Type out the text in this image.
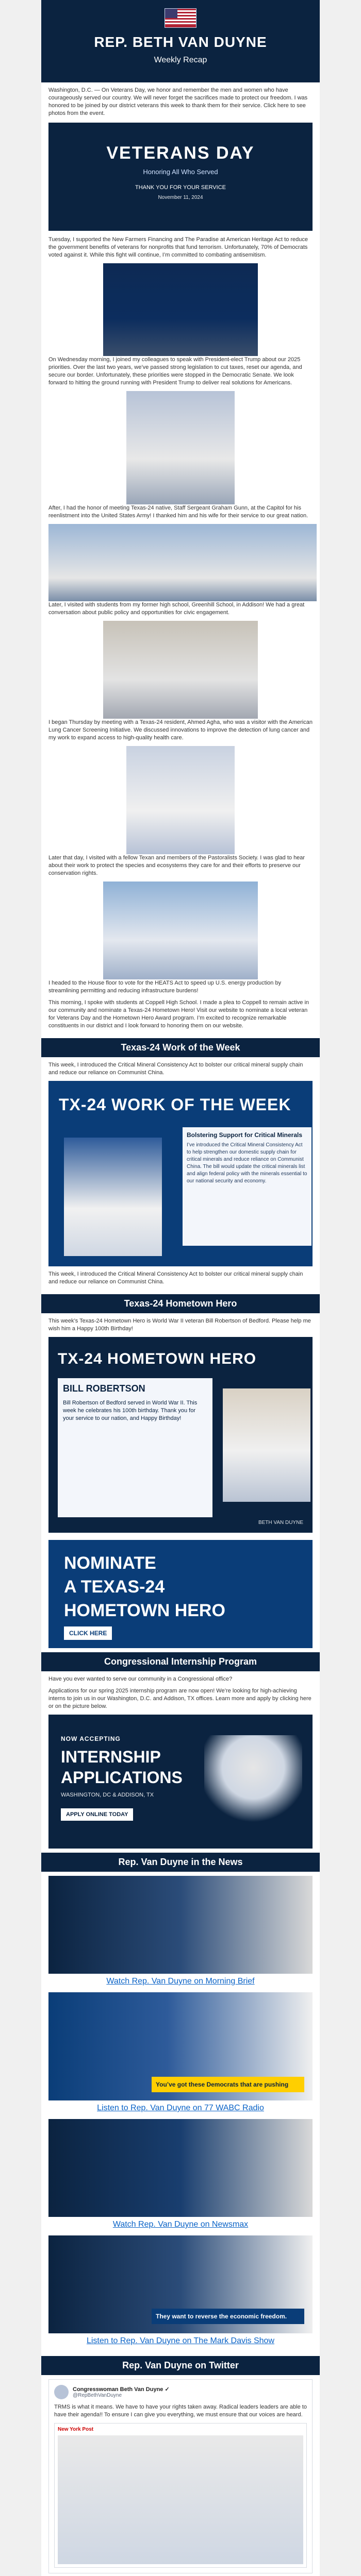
REP. BETH VAN DUYNE
Weekly Recap

Washington, D.C. — On Veterans Day, we honor and remember the men and women who have courageously served our country. We will never forget the sacrifices made to protect our freedom. I was honored to be joined by our district veterans this week to thank them for their service. Click here to see photos from the event.

VETERANS DAY
Honoring All Who Served
THANK YOU FOR YOUR SERVICE
November 11, 2024

Tuesday, I supported the New Farmers Financing and The Paradise at American Heritage Act to reduce the government benefits of veterans for nonprofits that fund terrorism. Unfortunately, 70% of Democrats voted against it. While this fight will continue, I’m committed to combating antisemitism.

On Wednesday morning, I joined my colleagues to speak with President-elect Trump about our 2025 priorities. Over the last two years, we’ve passed strong legislation to cut taxes, reset our agenda, and secure our border. Unfortunately, these priorities were stopped in the Democratic Senate. We look forward to hitting the ground running with President Trump to deliver real solutions for Americans.

After, I had the honor of meeting Texas-24 native, Staff Sergeant Graham Gunn, at the Capitol for his reenlistment into the United States Army! I thanked him and his wife for their service to our great nation.

Later, I visited with students from my former high school, Greenhill School, in Addison! We had a great conversation about public policy and opportunities for civic engagement.

I began Thursday by meeting with a Texas-24 resident, Ahmed Agha, who was a visitor with the American Lung Cancer Screening Initiative. We discussed innovations to improve the detection of lung cancer and my work to expand access to high-quality health care.

Later that day, I visited with a fellow Texan and members of the Pastoralists Society. I was glad to hear about their work to protect the species and ecosystems they care for and their efforts to preserve our conservation rights.

I headed to the House floor to vote for the HEATS Act to speed up U.S. energy production by streamlining permitting and reducing infrastructure burdens!

This morning, I spoke with students at Coppell High School. I made a plea to Coppell to remain active in our community and nominate a Texas-24 Hometown Hero! Visit our website to nominate a local veteran for Veterans Day and the Hometown Hero Award program. I’m excited to recognize remarkable constituents in our district and I look forward to honoring them on our website.

Texas-24 Work of the Week

This week, I introduced the Critical Mineral Consistency Act to bolster our critical mineral supply chain and reduce our reliance on Communist China.

TX-24 WORK OF THE WEEK
Bolstering Support for Critical Minerals
I’ve introduced the Critical Mineral Consistency Act to help strengthen our domestic supply chain for critical minerals and reduce reliance on Communist China. The bill would update the critical minerals list and align federal policy with the minerals essential to our national security and economy.

This week, I introduced the Critical Mineral Consistency Act to bolster our critical mineral supply chain and reduce our reliance on Communist China.

Texas-24 Hometown Hero

This week’s Texas-24 Hometown Hero is World War II veteran Bill Robertson of Bedford. Please help me wish him a Happy 100th Birthday!

TX-24 HOMETOWN HERO
BILL ROBERTSON
Bill Robertson of Bedford served in World War II. This week he celebrates his 100th birthday. Thank you for your service to our nation, and Happy Birthday!
BETH VAN DUYNE
NOMINATE
A TEXAS-24
HOMETOWN HERO
CLICK HERE
Congressional Internship Program

Have you ever wanted to serve our community in a Congressional office?

Applications for our spring 2025 internship program are now open! We’re looking for high-achieving interns to join us in our Washington, D.C. and Addison, TX offices. Learn more and apply by clicking here or on the picture below.

NOW ACCEPTING
INTERNSHIP
APPLICATIONS
WASHINGTON, DC & ADDISON, TX
APPLY ONLINE TODAY
Rep. Van Duyne in the News
Watch Rep. Van Duyne on Morning Brief
You’ve got these Democrats that are pushing
Listen to Rep. Van Duyne on 77 WABC Radio
Watch Rep. Van Duyne on Newsmax
They want to reverse the economic freedom.
Listen to Rep. Van Duyne on The Mark Davis Show
Rep. Van Duyne on Twitter
Congresswoman Beth Van Duyne ✓
@RepBethVanDuyne

TRMS is what it means. We have to have your rights taken away. Radical leaders leaders are able to have their agenda!! To ensure I can give you everything, we must ensure that our voices are heard.

New York Post
